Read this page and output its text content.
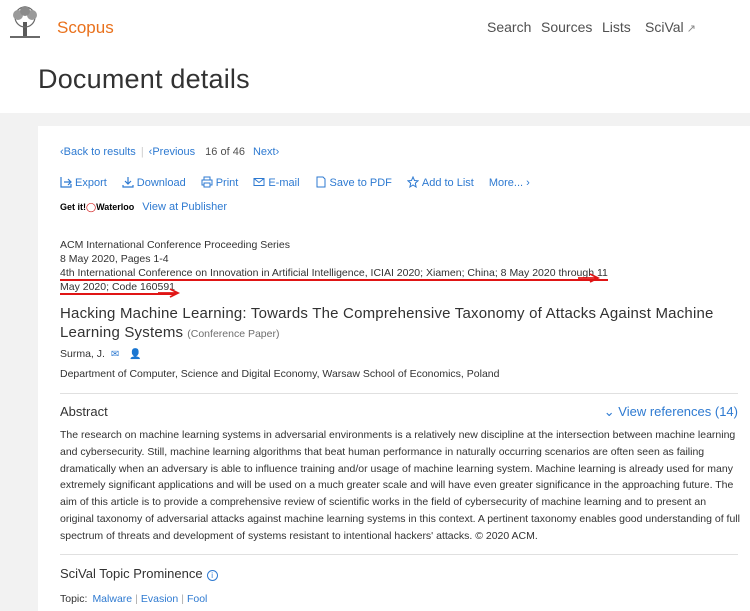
Scopus	Search Sources Lists SciVal ↗
Document details
‹Back to results | ‹Previous 16 of 46 Next›
Export	Download	Print	E-mail	Save to PDF	Add to List More... ›
Get it!◯Waterloo View at Publisher
ACM International Conference Proceeding Series
8 May 2020, Pages 1-4
4th International Conference on Innovation in Artificial Intelligence, ICIAI 2020; Xiamen; China; 8 May 2020 through 11
May 2020; Code 160591
Hacking Machine Learning: Towards The Comprehensive Taxonomy of Attacks Against Machine Learning Systems (Conference Paper)
Surma, J. ✉ 👤
Department of Computer, Science and Digital Economy, Warsaw School of Economics, Poland
Abstract	⌄ View references (14)
The research on machine learning systems in adversarial environments is a relatively new discipline at the intersection between machine learning and cybersecurity. Still, machine learning algorithms that beat human performance in naturally occurring scenarios are often seen as failing dramatically when an adversary is able to influence training and/or usage of machine learning system. Machine learning is already used for many extremely significant applications and will be used on a much greater scale and will have even greater significance in the approaching future. The aim of this article is to provide a comprehensive review of scientific works in the field of cybersecurity of machine learning and to present an original taxonomy of adversarial attacks against machine learning systems in this context. A pertinent taxonomy enables good understanding of full spectrum of threats and development of systems resistant to intentional hackers' attacks. © 2020 ACM.
SciVal Topic Prominence i
Topic: Malware | Evasion | Fool
